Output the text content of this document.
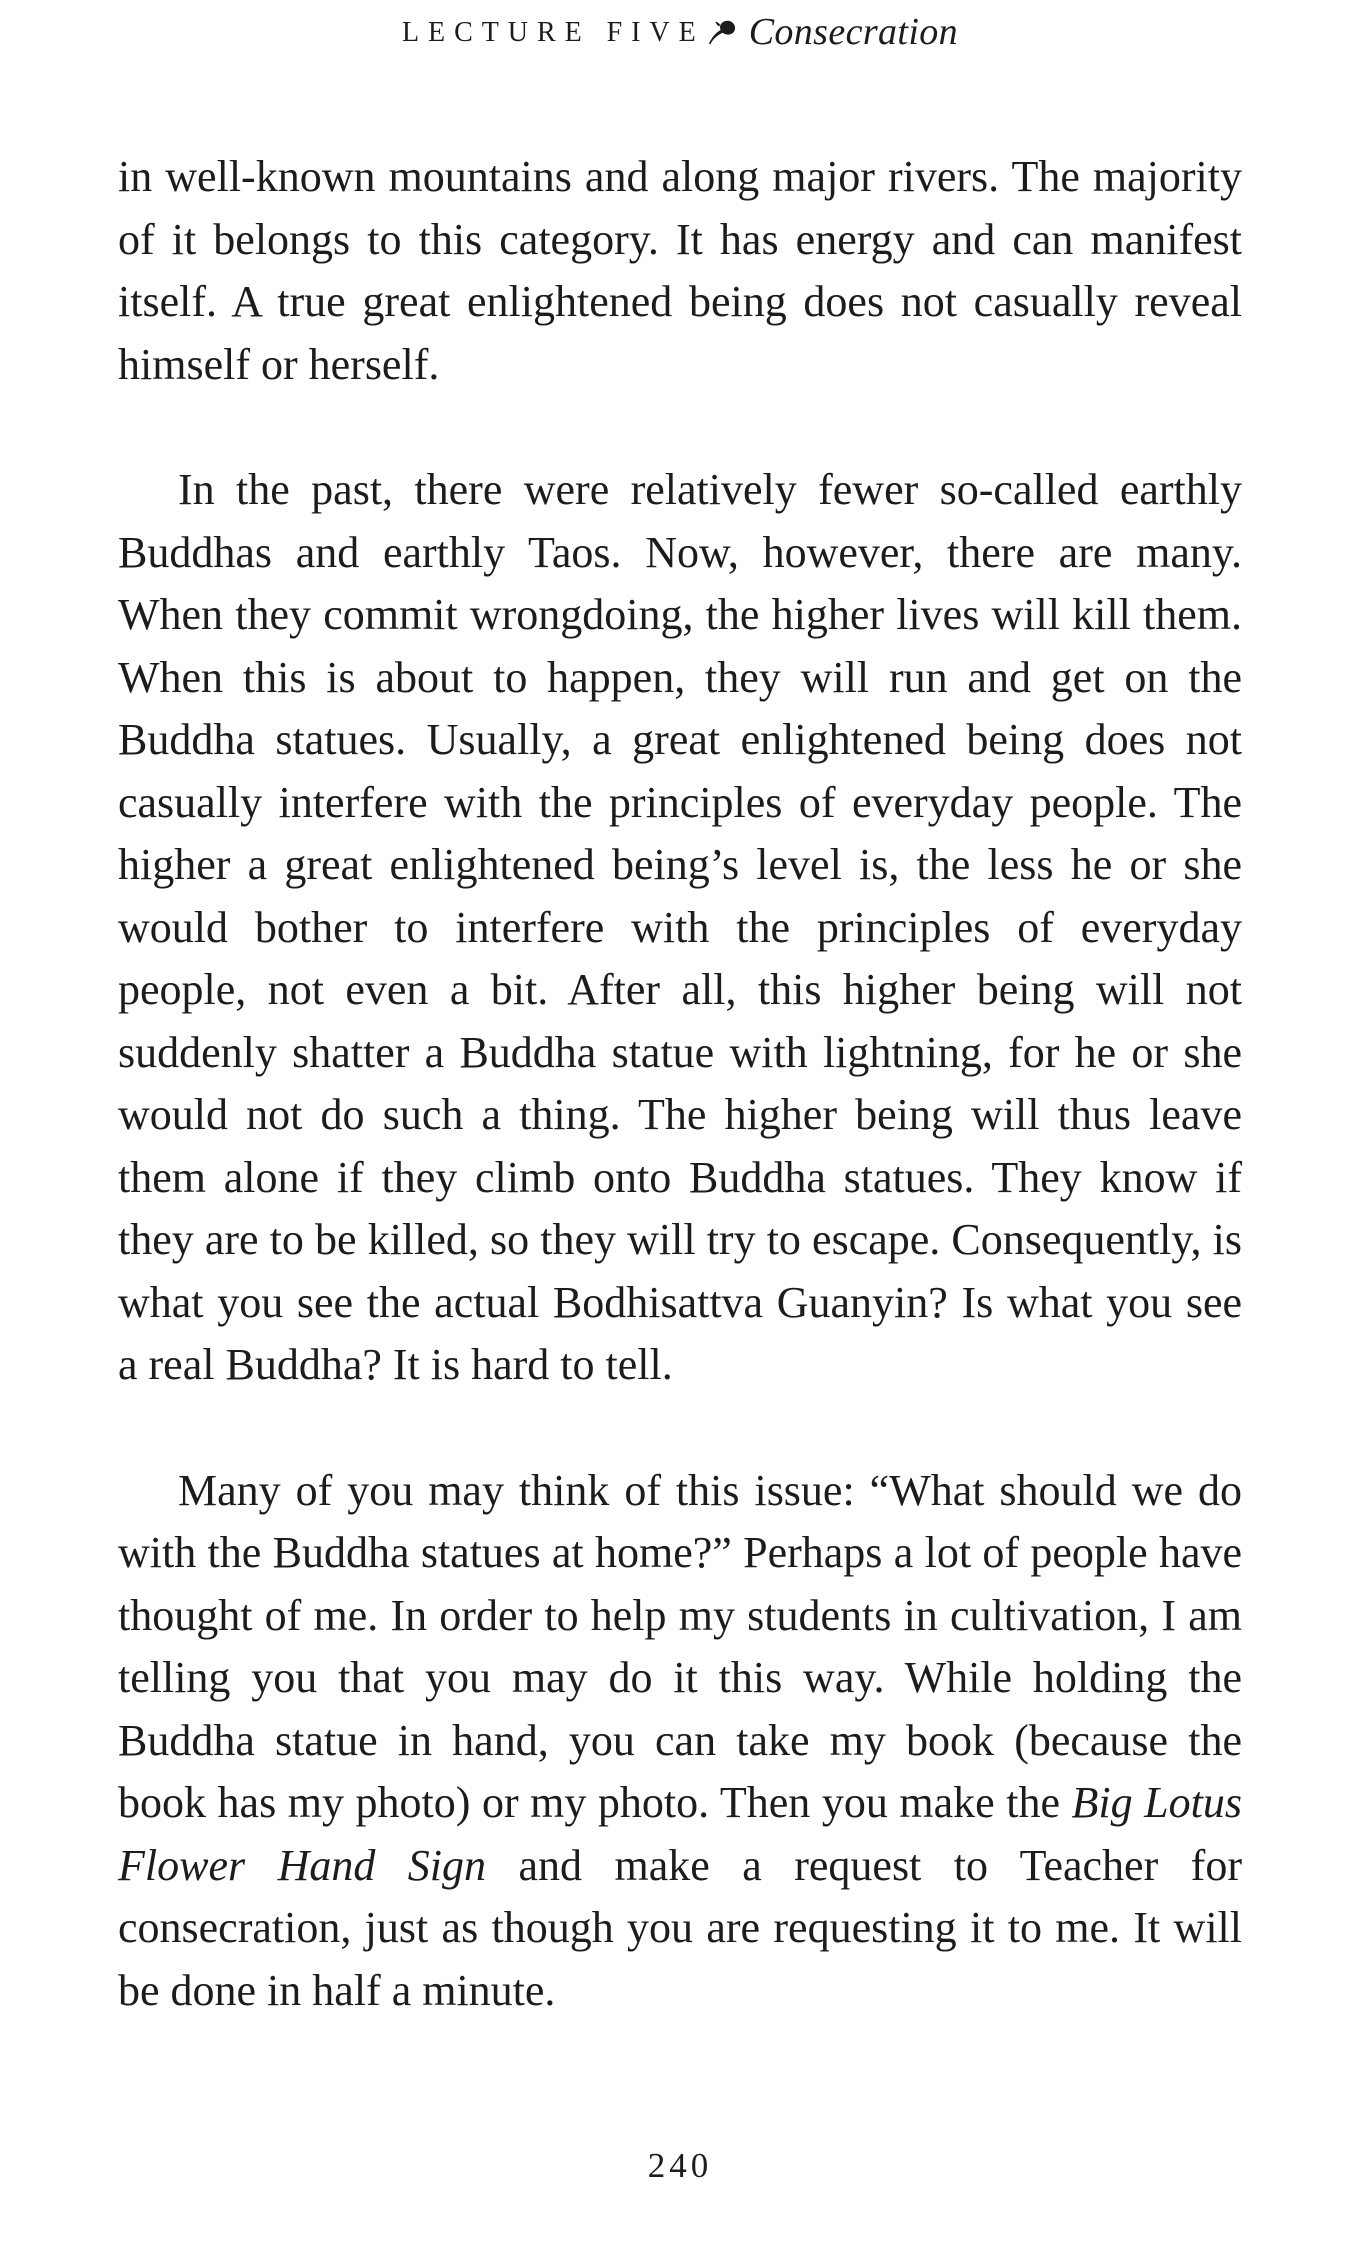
LECTURE FIVE Consecration

in well-known mountains and along major rivers. The majority of it belongs to this category. It has energy and can manifest itself. A true great enlightened being does not casually reveal himself or herself.

In the past, there were relatively fewer so-called earthly Buddhas and earthly Taos. Now, however, there are many. When they commit wrongdoing, the higher lives will kill them. When this is about to happen, they will run and get on the Buddha statues. Usually, a great enlightened being does not casually interfere with the principles of everyday people. The higher a great enlightened being’s level is, the less he or she would bother to interfere with the principles of everyday people, not even a bit. After all, this higher being will not suddenly shatter a Buddha statue with lightning, for he or she would not do such a thing. The higher being will thus leave them alone if they climb onto Buddha statues. They know if they are to be killed, so they will try to escape. Consequently, is what you see the actual Bodhisattva Guanyin? Is what you see a real Buddha? It is hard to tell.

Many of you may think of this issue: “What should we do with the Buddha statues at home?” Perhaps a lot of people have thought of me. In order to help my students in cultivation, I am telling you that you may do it this way. While holding the Buddha statue in hand, you can take my book (because the book has my photo) or my photo. Then you make the Big Lotus Flower Hand Sign and make a request to Teacher for consecration, just as though you are requesting it to me. It will be done in half a minute.

240
